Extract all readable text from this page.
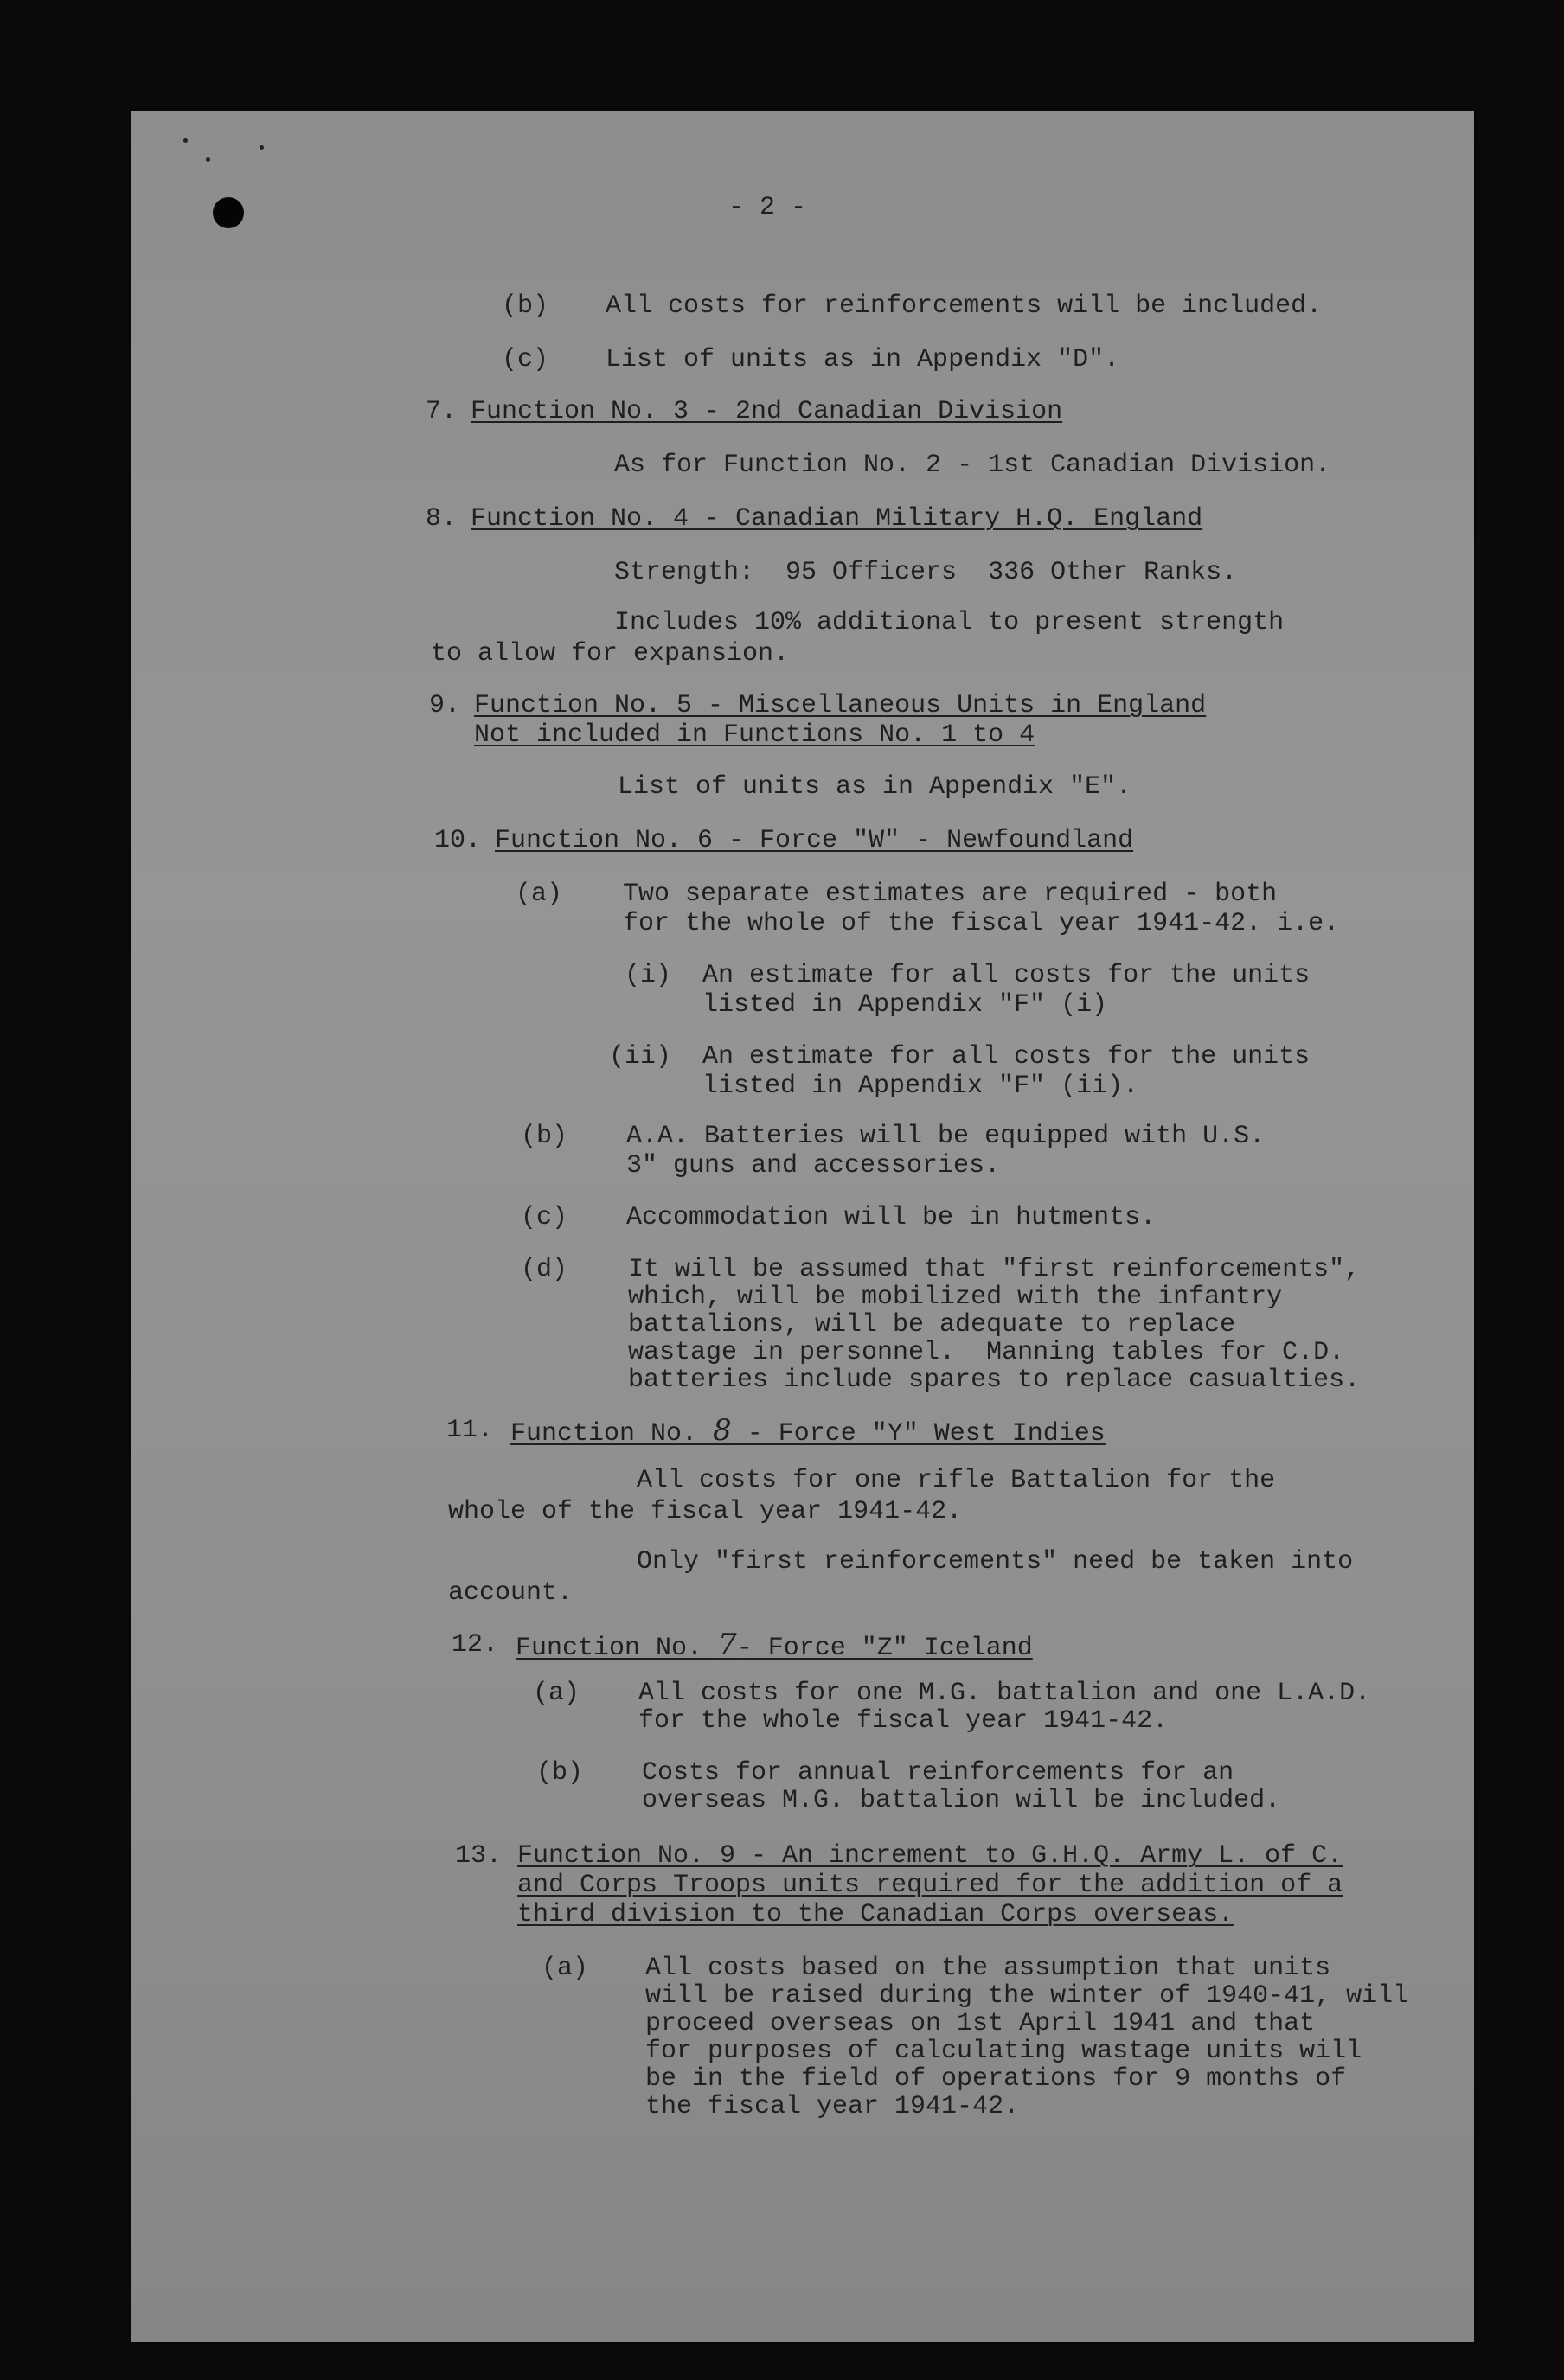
- 2 -
(b) All costs for reinforcements will be included.
(c) List of units as in Appendix "D".
7. Function No. 3 - 2nd Canadian Division
As for Function No. 2 - 1st Canadian Division.
8. Function No. 4 - Canadian Military H.Q. England
Strength:  95 Officers  336 Other Ranks.
Includes 10% additional to present strength
to allow for expansion.
9. Function No. 5 - Miscellaneous Units in England
Not included in Functions No. 1 to 4
List of units as in Appendix "E".
10. Function No. 6 - Force "W" - Newfoundland
(a) Two separate estimates are required - both
for the whole of the fiscal year 1941-42. i.e.
(i) An estimate for all costs for the units
listed in Appendix "F" (i)
(ii) An estimate for all costs for the units
listed in Appendix "F" (ii).
(b) A.A. Batteries will be equipped with U.S.
3" guns and accessories.
(c) Accommodation will be in hutments.
(d) It will be assumed that "first reinforcements",
which, will be mobilized with the infantry
battalions, will be adequate to replace
wastage in personnel.  Manning tables for C.D.
batteries include spares to replace casualties.
11. Function No. 8 - Force "Y" West Indies
All costs for one rifle Battalion for the
whole of the fiscal year 1941-42.
Only "first reinforcements" need be taken into
account.
12. Function No. 7- Force "Z" Iceland
(a) All costs for one M.G. battalion and one L.A.D.
for the whole fiscal year 1941-42.
(b) Costs for annual reinforcements for an
overseas M.G. battalion will be included.
13. Function No. 9 - An increment to G.H.Q. Army L. of C.
and Corps Troops units required for the addition of a
third division to the Canadian Corps overseas.
(a) All costs based on the assumption that units
will be raised during the winter of 1940-41, will
proceed overseas on 1st April 1941 and that
for purposes of calculating wastage units will
be in the field of operations for 9 months of
the fiscal year 1941-42.
